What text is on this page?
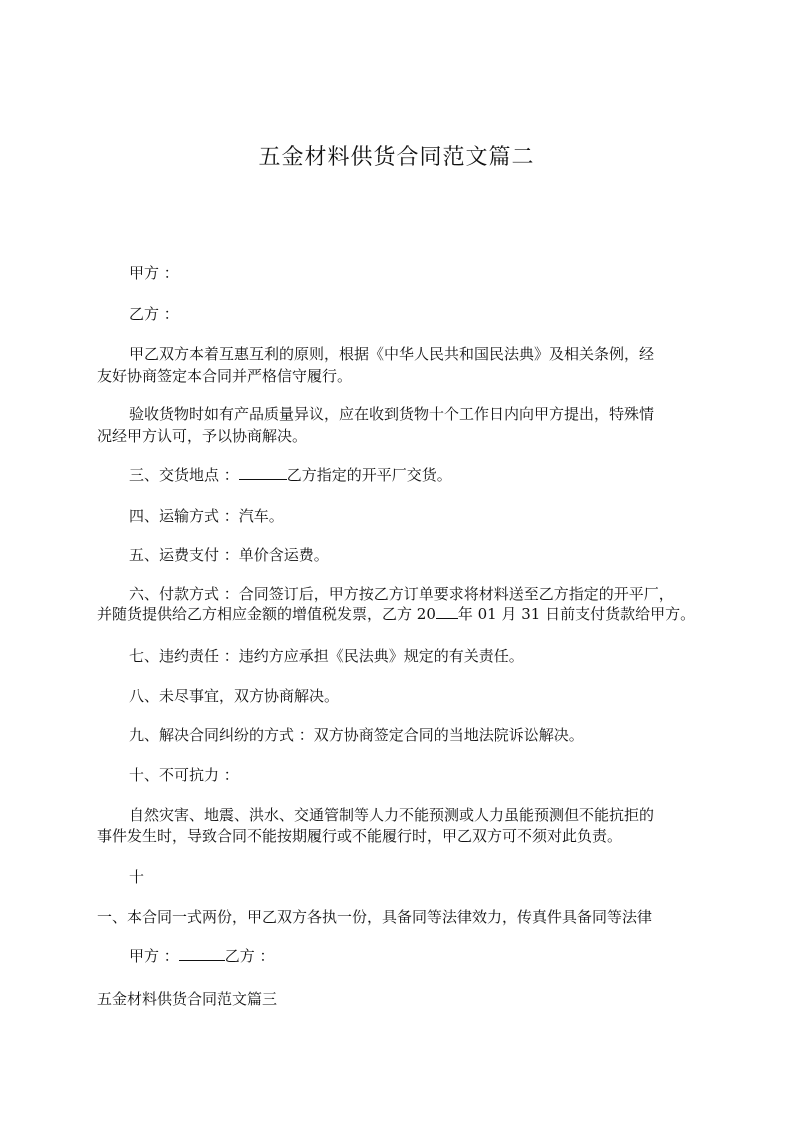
五金材料供货合同范文篇二
甲方 ：
乙方 ：
甲乙双方本着互惠互利的原则，根据《中华人民共和国民法典》及相关条例，经
友好协商签定本合同并严格信守履行。
验收货物时如有产品质量异议，应在收到货物十个工作日内向甲方提出，特殊情
况经甲方认可，予以协商解决。
三、交货地点 ：	乙方指定的开平厂交货。
四、运输方式 ：汽车。
五、运费支付 ：单价含运费。
六、付款方式 ：合同签订后，甲方按乙方订单要求将材料送至乙方指定的开平厂，
并随货提供给乙方相应金额的增值税发票，乙方 20 年 01 月 31 日前支付货款给甲方。
七、违约责任 ：违约方应承担《民法典》规定的有关责任。
八、未尽事宜，双方协商解决。
九、解决合同纠纷的方式 ：双方协商签定合同的当地法院诉讼解决。
十、不可抗力 ：
自然灾害、地震、洪水、交通管制等人力不能预测或人力虽能预测但不能抗拒的
事件发生时，导致合同不能按期履行或不能履行时，甲乙双方可不须对此负责。
十
一、本合同一式两份，甲乙双方各执一份，具备同等法律效力，传真件具备同等法律
甲方 ：	乙方 ：
五金材料供货合同范文篇三
